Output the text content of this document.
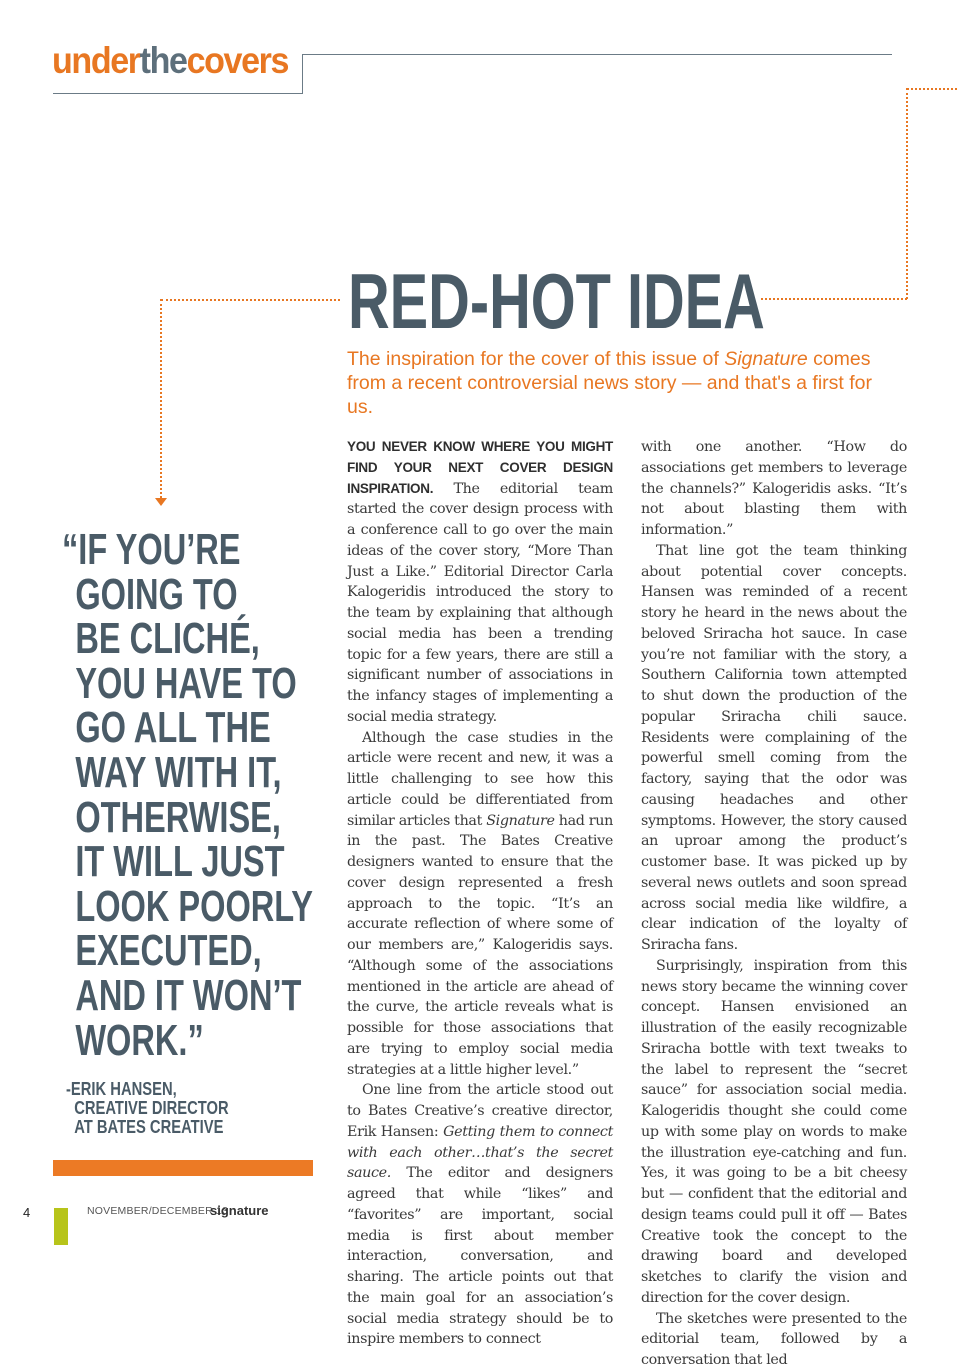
underthecovers
RED-HOT IDEA
The inspiration for the cover of this issue of Signature comes from a recent controversial news story — and that's a first for us.
“IF YOU’RE
GOING TO
BE CLICHÉ,
YOU HAVE TO
GO ALL THE
WAY WITH IT,
OTHERWISE,
IT WILL JUST
LOOK POORLY
EXECUTED,
AND IT WON’T
WORK.”
-ERIK HANSEN,
CREATIVE DIRECTOR
AT BATES CREATIVE

YOU NEVER KNOW WHERE YOU MIGHT FIND YOUR NEXT COVER DESIGN INSPIRATION. The editorial team started the cover design process with a conference call to go over the main ideas of the cover story, “More Than Just a Like.” Editorial Director Carla Kalogeridis introduced the story to the team by explaining that although social media has been a trending topic for a few years, there are still a significant number of associations in the infancy stages of implementing a social media strategy.

Although the case studies in the article were recent and new, it was a little challenging to see how this article could be differentiated from similar articles that Signature had run in the past. The Bates Creative designers wanted to ensure that the cover design represented a fresh approach to the topic. “It’s an accurate reflection of where some of our members are,” Kalogeridis says. “Although some of the associations mentioned in the article are ahead of the curve, the article reveals what is possible for those associations that are trying to employ social media strategies at a little higher level.”

One line from the article stood out to Bates Creative’s creative director, Erik Hansen: Getting them to connect with each other…that’s the secret sauce. The editor and designers agreed that while “likes” and “favorites” are important, social media is first about member interaction, conversation, and sharing. The article points out that the main goal for an association’s social media strategy should be to inspire members to connect

with one another. “How do associations get members to leverage the channels?” Kalogeridis asks. “It’s not about blasting them with information.”

That line got the team thinking about potential cover concepts. Hansen was reminded of a recent story he heard in the news about the beloved Sriracha hot sauce. In case you’re not familiar with the story, a Southern California town attempted to shut down the production of the popular Sriracha chili sauce. Residents were complaining of the powerful smell coming from the factory, saying that the odor was causing headaches and other symptoms. However, the story caused an uproar among the product’s customer base. It was picked up by several news outlets and soon spread across social media like wildfire, a clear indication of the loyalty of Sriracha fans.

Surprisingly, inspiration from this news story became the winning cover concept. Hansen envisioned an illustration of the easily recognizable Sriracha bottle with text tweaks to the label to represent the “secret sauce” for association social media. Kalogeridis thought she could come up with some play on words to make the illustration eye-catching and fun. Yes, it was going to be a bit cheesy but — confident that the editorial and design teams could pull it off — Bates Creative took the concept to the drawing board and developed sketches to clarify the vision and direction for the cover design.

The sketches were presented to the editorial team, followed by a conversation that led

4	NOVEMBER/DECEMBER 13
signature
